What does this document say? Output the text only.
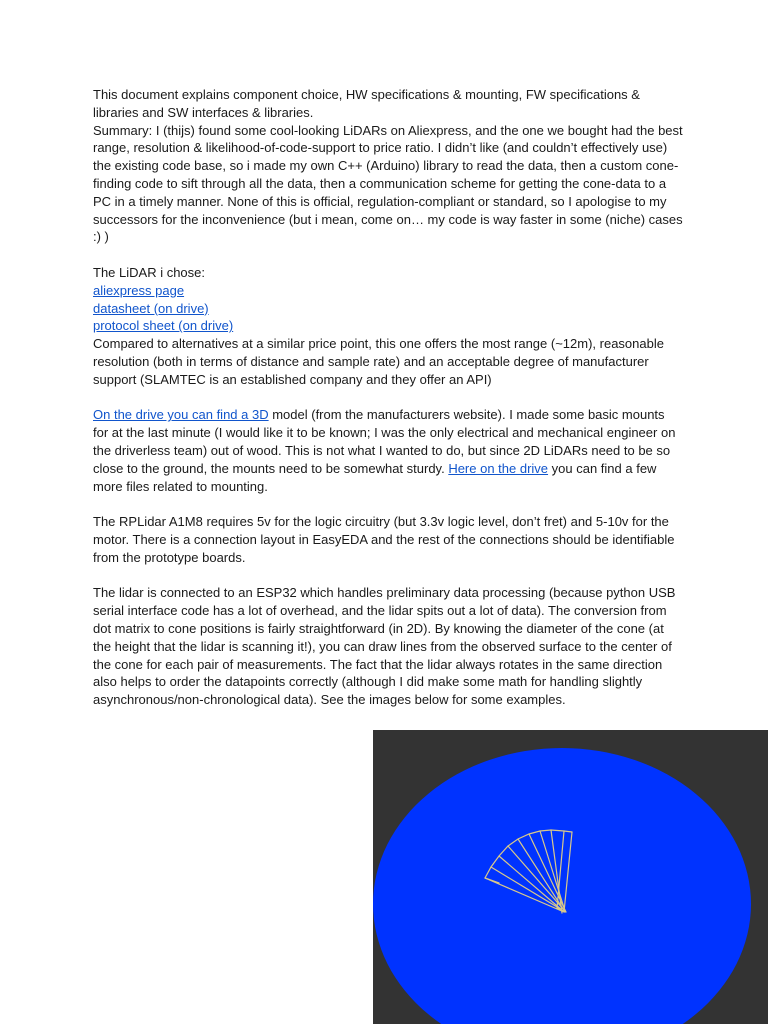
This document explains component choice, HW specifications & mounting, FW specifications & libraries and SW interfaces & libraries.
Summary: I (thijs) found some cool-looking LiDARs on Aliexpress, and the one we bought had the best range, resolution & likelihood-of-code-support to price ratio. I didn’t like (and couldn’t effectively use) the existing code base, so i made my own C++ (Arduino) library to read the data, then a custom cone-finding code to sift through all the data, then a communication scheme for getting the cone-data to a PC in a timely manner. None of this is official, regulation-compliant or standard, so I apologise to my successors for the inconvenience (but i mean, come on… my code is way faster in some (niche) cases :) )
The LiDAR i chose:
aliexpress page
datasheet (on drive)
protocol sheet (on drive)
Compared to alternatives at a similar price point, this one offers the most range (~12m), reasonable resolution (both in terms of distance and sample rate) and an acceptable degree of manufacturer support (SLAMTEC is an established company and they offer an API)
On the drive you can find a 3D model (from the manufacturers website). I made some basic mounts for at the last minute (I would like it to be known; I was the only electrical and mechanical engineer on the driverless team) out of wood. This is not what I wanted to do, but since 2D LiDARs need to be so close to the ground, the mounts need to be somewhat sturdy. Here on the drive you can find a few more files related to mounting.
The RPLidar A1M8 requires 5v for the logic circuitry (but 3.3v logic level, don’t fret) and 5-10v for the motor. There is a connection layout in EasyEDA and the rest of the connections should be identifiable from the prototype boards.
The lidar is connected to an ESP32 which handles preliminary data processing (because python USB serial interface code has a lot of overhead, and the lidar spits out a lot of data). The conversion from dot matrix to cone positions is fairly straightforward (in 2D). By knowing the diameter of the cone (at the height that the lidar is scanning it!), you can draw lines from the observed surface to the center of the cone for each pair of measurements. The fact that the lidar always rotates in the same direction also helps to order the datapoints correctly (although I did make some math for handling slightly asynchronous/non-chronological data). See the images below for some examples.
